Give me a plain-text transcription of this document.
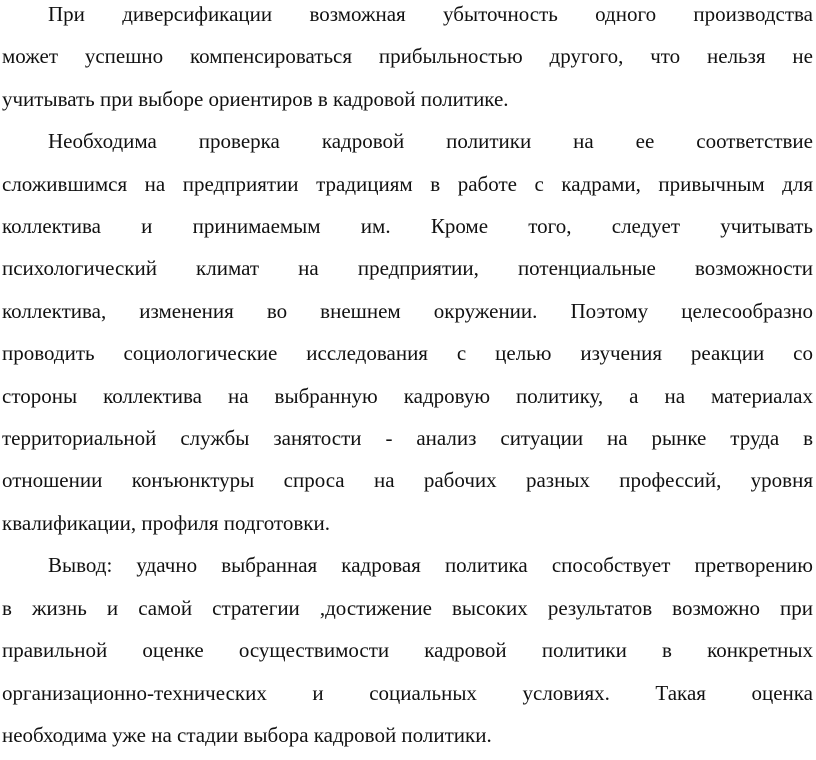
При диверсификации возможная убыточность одного производства
может успешно компенсироваться прибыльностью другого, что нельзя не
учитывать при выборе ориентиров в кадровой политике.

Необходима проверка кадровой политики на ее соответствие
сложившимся на предприятии традициям в работе с кадрами, привычным для
коллектива и принимаемым им. Кроме того, следует учитывать
психологический климат на предприятии, потенциальные возможности
коллектива, изменения во внешнем окружении. Поэтому целесообразно
проводить социологические исследования с целью изучения реакции со
стороны коллектива на выбранную кадровую политику, а на материалах
территориальной службы занятости - анализ ситуации на рынке труда в
отношении конъюнктуры спроса на рабочих разных профессий, уровня
квалификации, профиля подготовки.

Вывод: удачно выбранная кадровая политика способствует претворению
в жизнь и самой стратегии ,достижение высоких результатов возможно при
правильной оценке осуществимости кадровой политики в конкретных
организационно-технических и социальных условиях. Такая оценка
необходима уже на стадии выбора кадровой политики.
